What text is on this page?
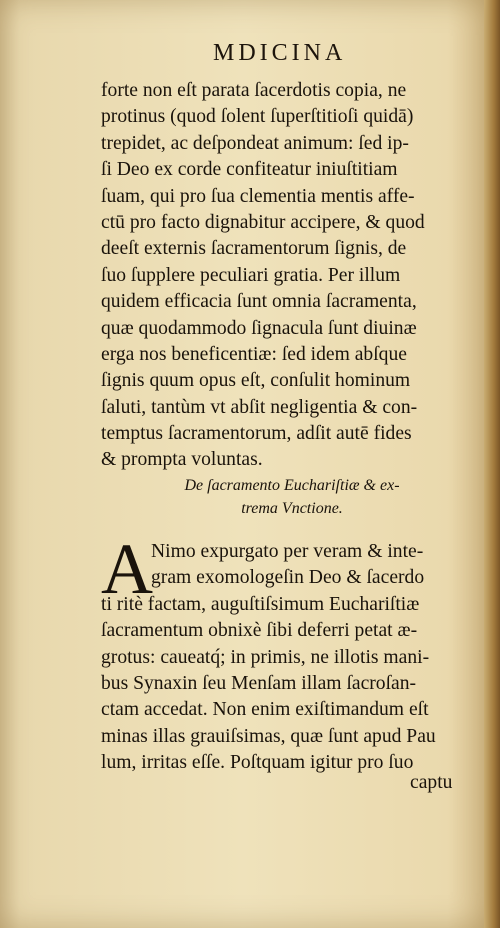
MDICINA
forte non eſt parata ſacerdotis copia, ne
protinus (quod ſolent ſuperſtitioſi quidā)
trepidet, ac deſpondeat animum: ſed ip-
ſi Deo ex corde confiteatur iniuſtitiam
ſuam, qui pro ſua clementia mentis affe-
ctū pro facto dignabitur accipere, & quod
deeſt externis ſacramentorum ſignis, de
ſuo ſupplere peculiari gratia. Per illum
quidem efficacia ſunt omnia ſacramenta,
quæ quodammodo ſignacula ſunt diuinæ
erga nos beneficentiæ: ſed idem abſque
ſignis quum opus eſt, conſulit hominum
ſaluti, tantùm vt abſit negligentia & con-
temptus ſacramentorum, adſit autē fides
& prompta voluntas.
De ſacramento Euchariſtiæ & ex-
trema Vnctione.
A
Nimo expurgato per veram & inte-
gram exomologeſin Deo & ſacerdo
ti ritè factam, auguſtiſsimum Euchariſtiæ
ſacramentum obnixè ſibi deferri petat æ-
grotus: caueatq́; in primis, ne illotis mani-
bus Synaxin ſeu Menſam illam ſacroſan-
ctam accedat. Non enim exiſtimandum eſt
minas illas grauiſsimas, quæ ſunt apud Pau
lum, irritas eſſe. Poſtquam igitur pro ſuo
captu
